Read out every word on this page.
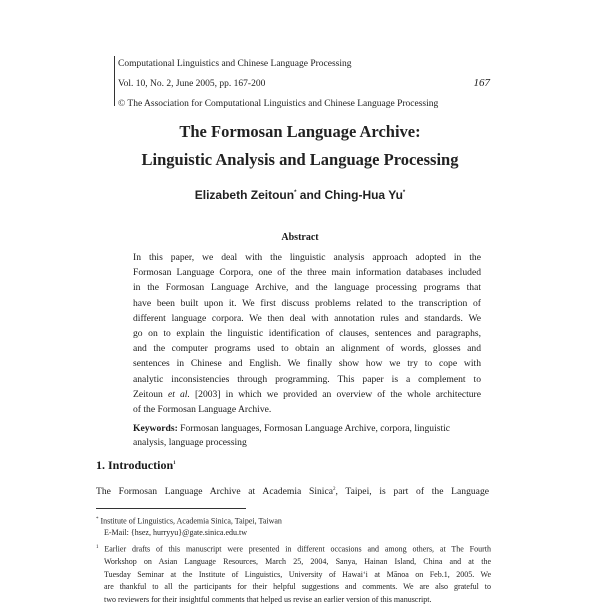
Computational Linguistics and Chinese Language Processing
Vol. 10, No. 2, June 2005, pp. 167-200
© The Association for Computational Linguistics and Chinese Language Processing
167
The Formosan Language Archive:
Linguistic Analysis and Language Processing
Elizabeth Zeitoun* and Ching-Hua Yu*
Abstract
In this paper, we deal with the linguistic analysis approach adopted in the
Formosan Language Corpora, one of the three main information databases included
in the Formosan Language Archive, and the language processing programs that
have been built upon it. We first discuss problems related to the transcription of
different language corpora. We then deal with annotation rules and standards. We
go on to explain the linguistic identification of clauses, sentences and paragraphs,
and the computer programs used to obtain an alignment of words, glosses and
sentences in Chinese and English. We finally show how we try to cope with
analytic inconsistencies through programming. This paper is a complement to
Zeitoun et al. [2003] in which we provided an overview of the whole architecture
of the Formosan Language Archive.
Keywords: Formosan languages, Formosan Language Archive, corpora, linguistic analysis, language processing
1. Introduction$^1$
The Formosan Language Archive at Academia Sinica$^2$, Taipei, is part of the Language
* Institute of Linguistics, Academia Sinica, Taipei, Taiwan
E-Mail: {hsez, hurryyu}@gate.sinica.edu.tw
$^1$ Earlier drafts of this manuscript were presented in different occasions and among others, at The Fourth
Workshop on Asian Language Resources, March 25, 2004, Sanya, Hainan Island, China and at the
Tuesday Seminar at the Institute of Linguistics, University of Hawai‘i at Mānoa on Feb.1, 2005. We
are thankful to all the participants for their helpful suggestions and comments. We are also grateful to
two reviewers for their insightful comments that helped us revise an earlier version of this manuscript.
